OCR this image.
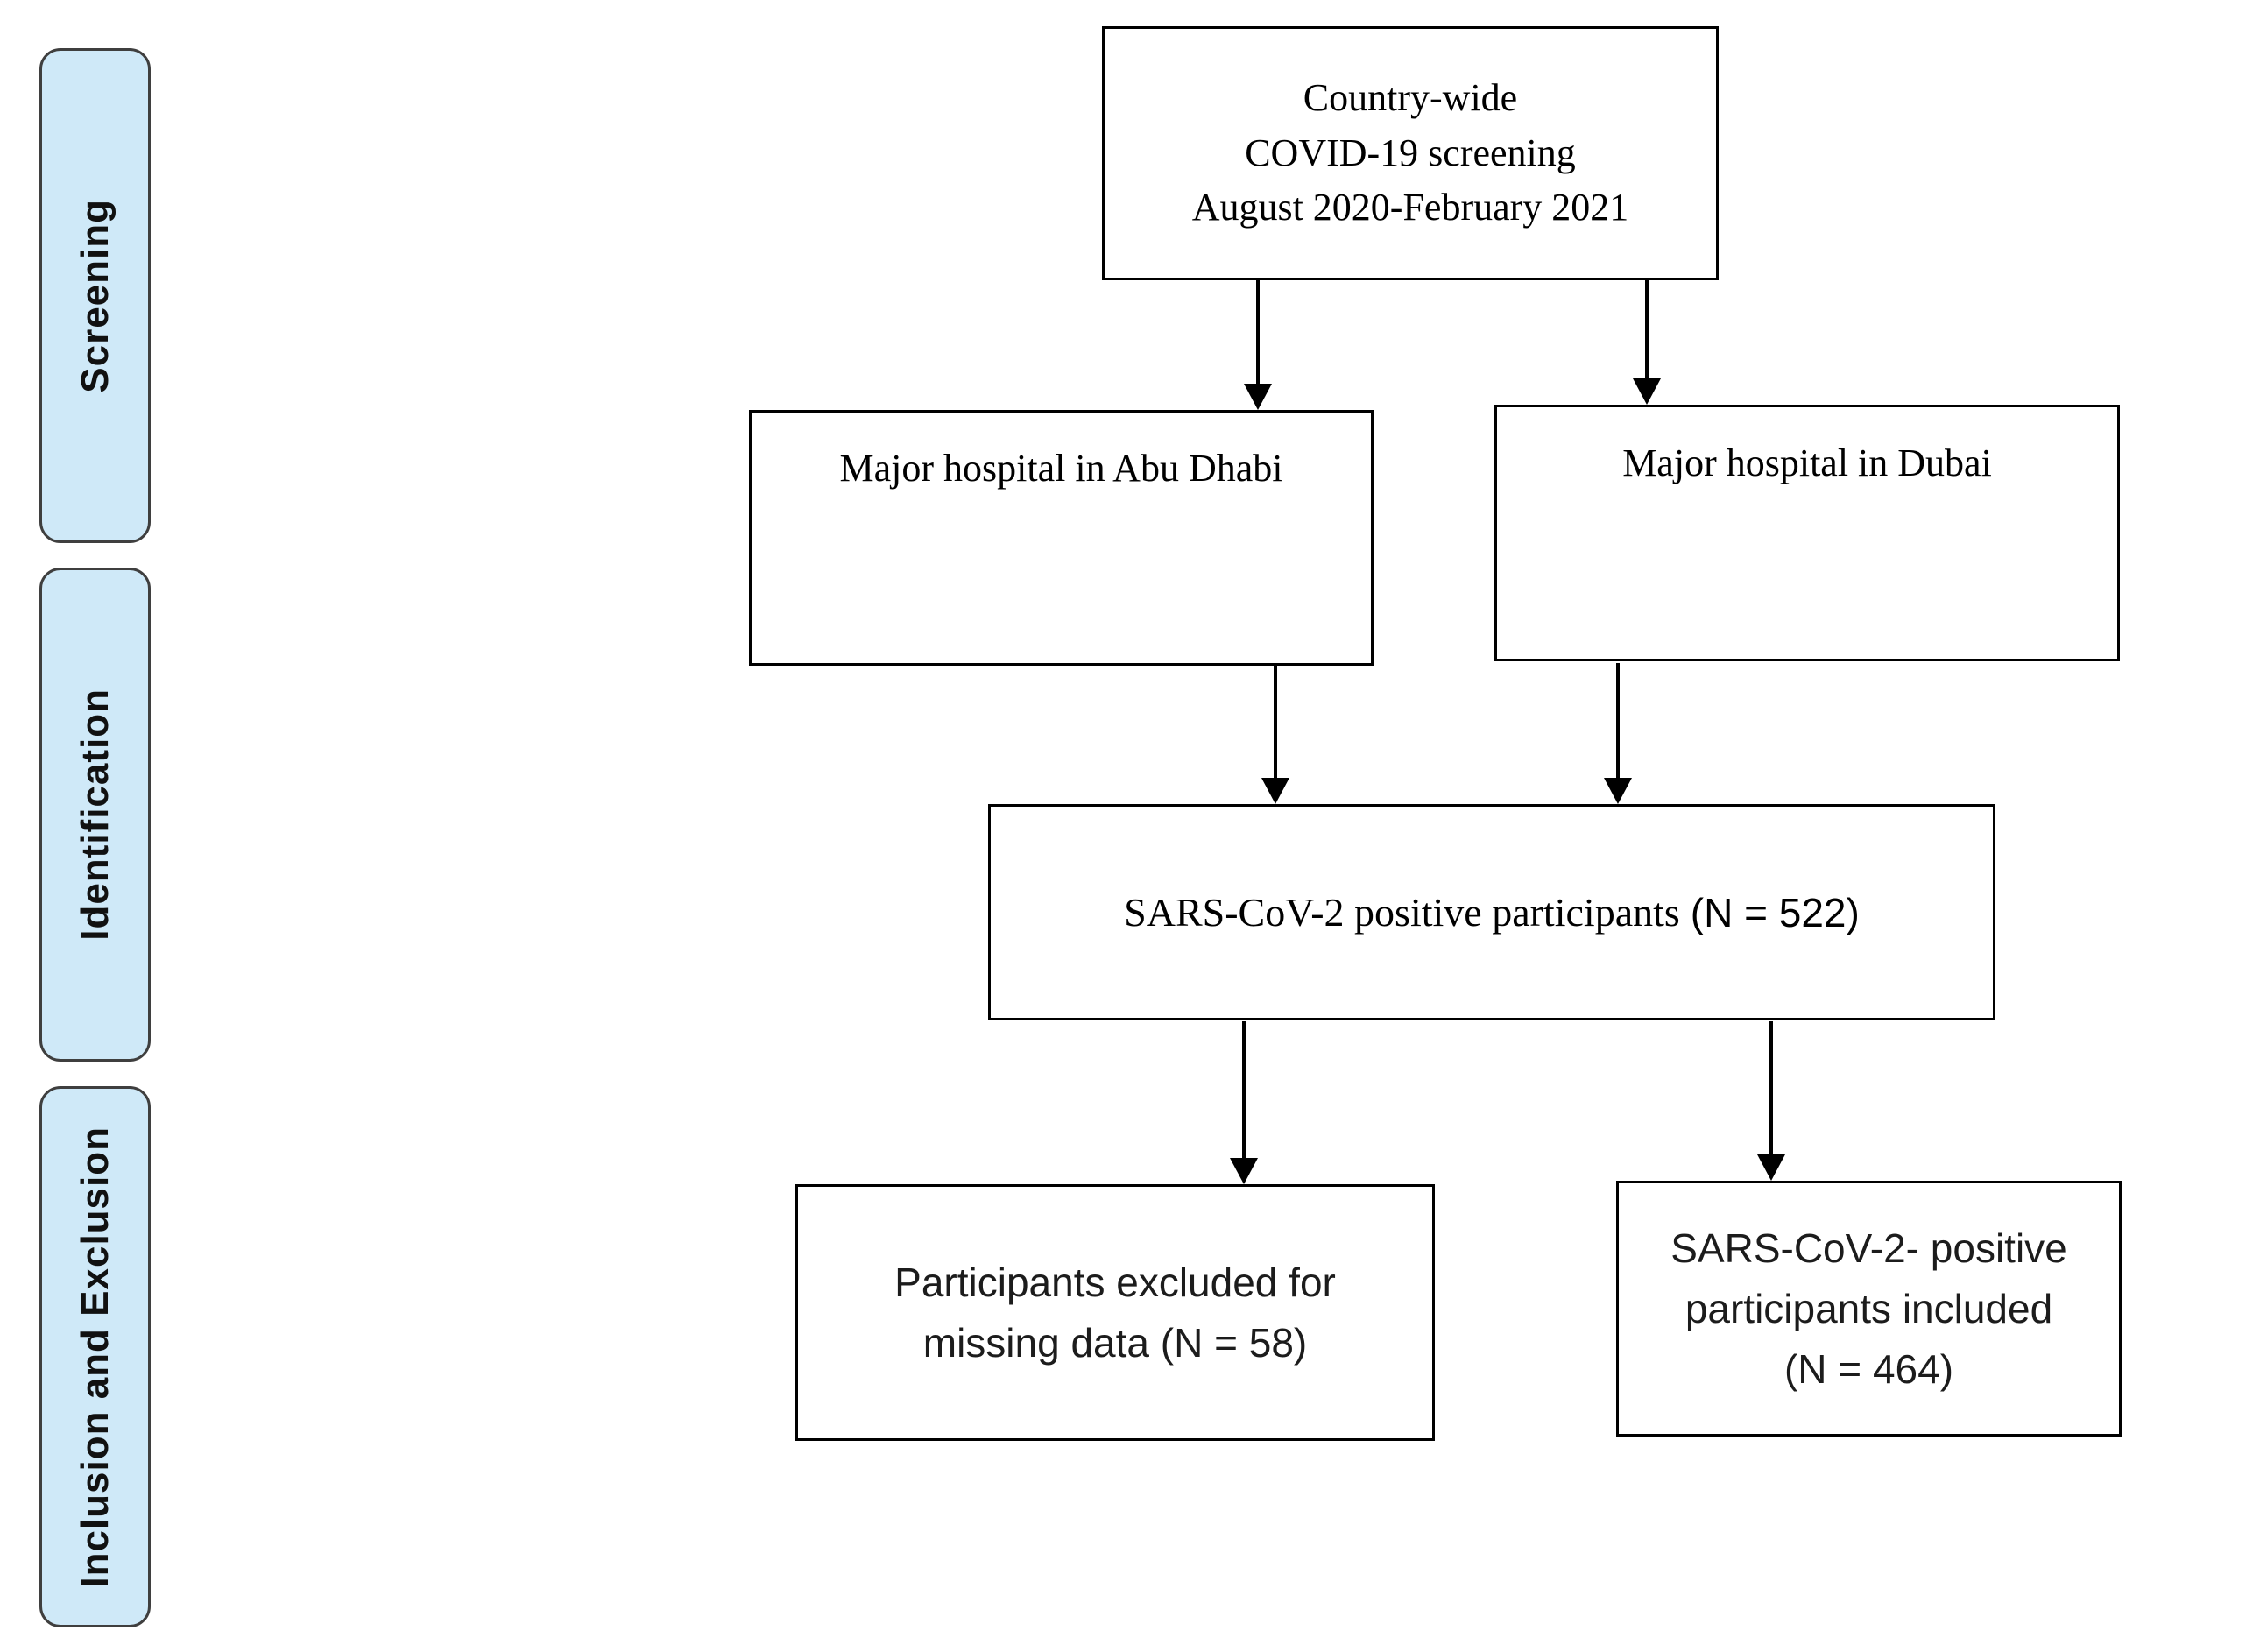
Screening
Identification
Inclusion and Exclusion
Country-wide
COVID-19 screening
August 2020-February 2021
Major hospital in Abu Dhabi	Major hospital in Dubai
SARS-CoV-2 positive participants (N = 522)
Participants excluded for
missing data (N = 58)
SARS-CoV-2- positive
participants included
(N = 464)
